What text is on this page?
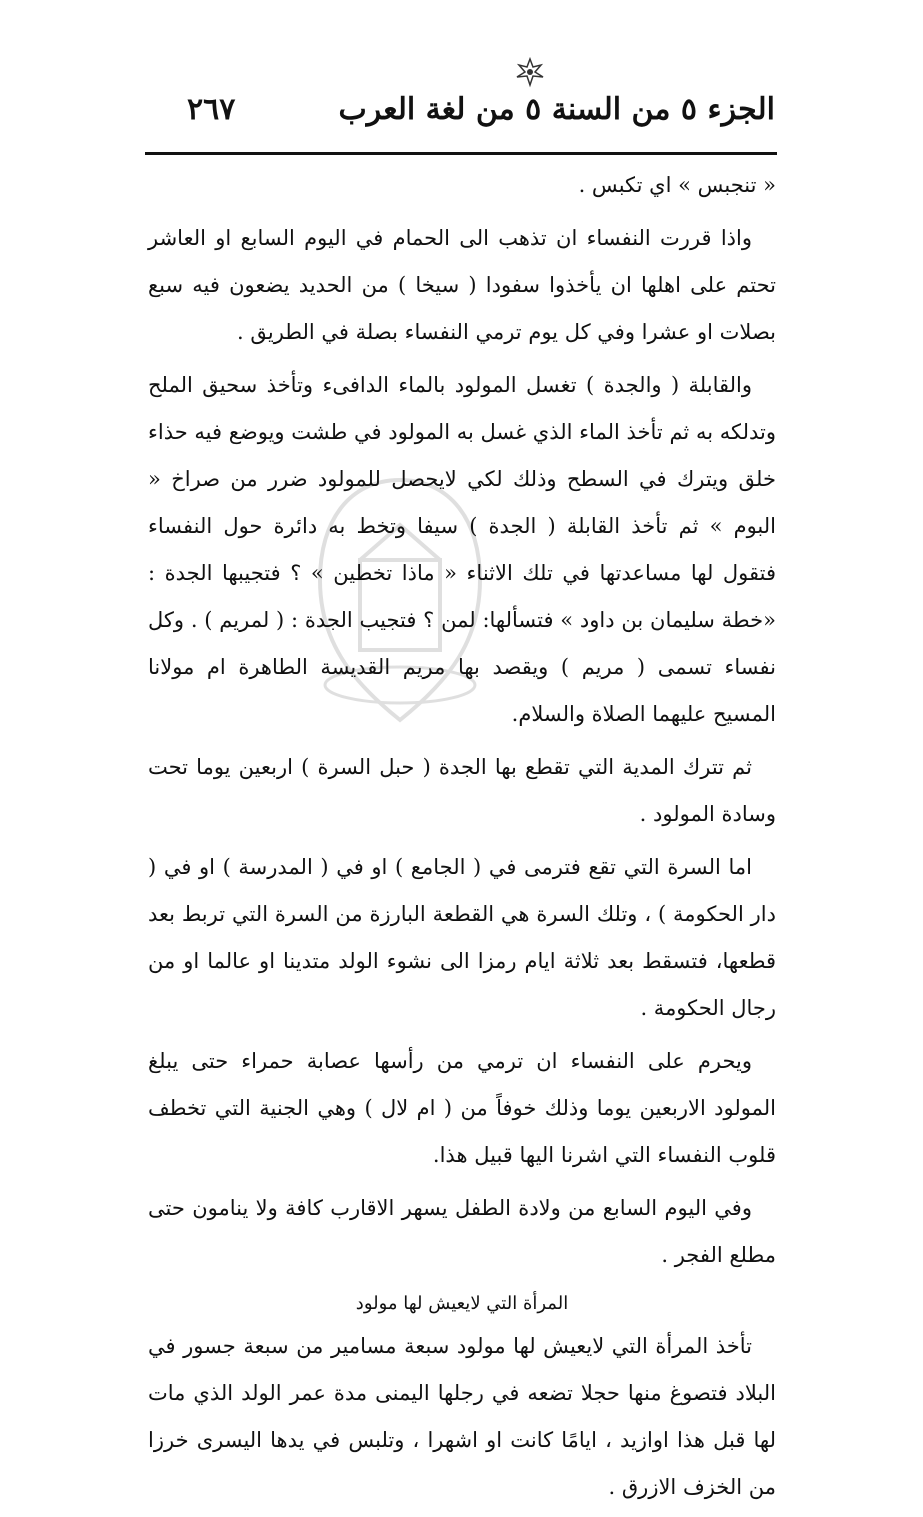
الجزء ٥ من السنة ٥ من لغة العرب
٢٦٧

« تنجبس » اي تكبس .

واذا قررت النفساء ان تذهب الى الحمام في اليوم السابع او العاشر تحتم على اهلها ان يأخذوا سفودا ( سيخا ) من الحديد يضعون فيه سبع بصلات او عشرا وفي كل يوم ترمي النفساء بصلة في الطريق .

والقابلة ( والجدة ) تغسل المولود بالماء الدافىء وتأخذ سحيق الملح وتدلكه به ثم تأخذ الماء الذي غسل به المولود في طشت ويوضع فيه حذاء خلق ويترك في السطح وذلك لكي لايحصل للمولود ضرر من صراخ « البوم » ثم تأخذ القابلة ( الجدة ) سيفا وتخط به دائرة حول النفساء فتقول لها مساعدتها في تلك الاثناء « ماذا تخطين » ؟ فتجيبها الجدة : «خطة سليمان بن داود » فتسألها: لمن ؟ فتجيب الجدة : ( لمريم ) . وكل نفساء تسمى ( مريم ) ويقصد بها مريم القديسة الطاهرة ام مولانا المسيح عليهما الصلاة والسلام.

ثم تترك المدية التي تقطع بها الجدة ( حبل السرة ) اربعين يوما تحت وسادة المولود .

اما السرة التي تقع فترمى في ( الجامع ) او في ( المدرسة ) او في ( دار الحكومة ) ، وتلك السرة هي القطعة البارزة من السرة التي تربط بعد قطعها، فتسقط بعد ثلاثة ايام رمزا الى نشوء الولد متدينا او عالما او من رجال الحكومة .

ويحرم على النفساء ان ترمي من رأسها عصابة حمراء حتى يبلغ المولود الاربعين يوما وذلك خوفاً من ( ام لال ) وهي الجنية التي تخطف قلوب النفساء التي اشرنا اليها قبيل هذا.

وفي اليوم السابع من ولادة الطفل يسهر الاقارب كافة ولا ينامون حتى مطلع الفجر .

المرأة التي لايعيش لها مولود

تأخذ المرأة التي لايعيش لها مولود سبعة مسامير من سبعة جسور في البلاد فتصوغ منها حجلا تضعه في رجلها اليمنى مدة عمر الولد الذي مات لها قبل هذا اوازيد ، ايامًا كانت او اشهرا ، وتلبس في يدها اليسرى خرزا من الخزف الازرق .
